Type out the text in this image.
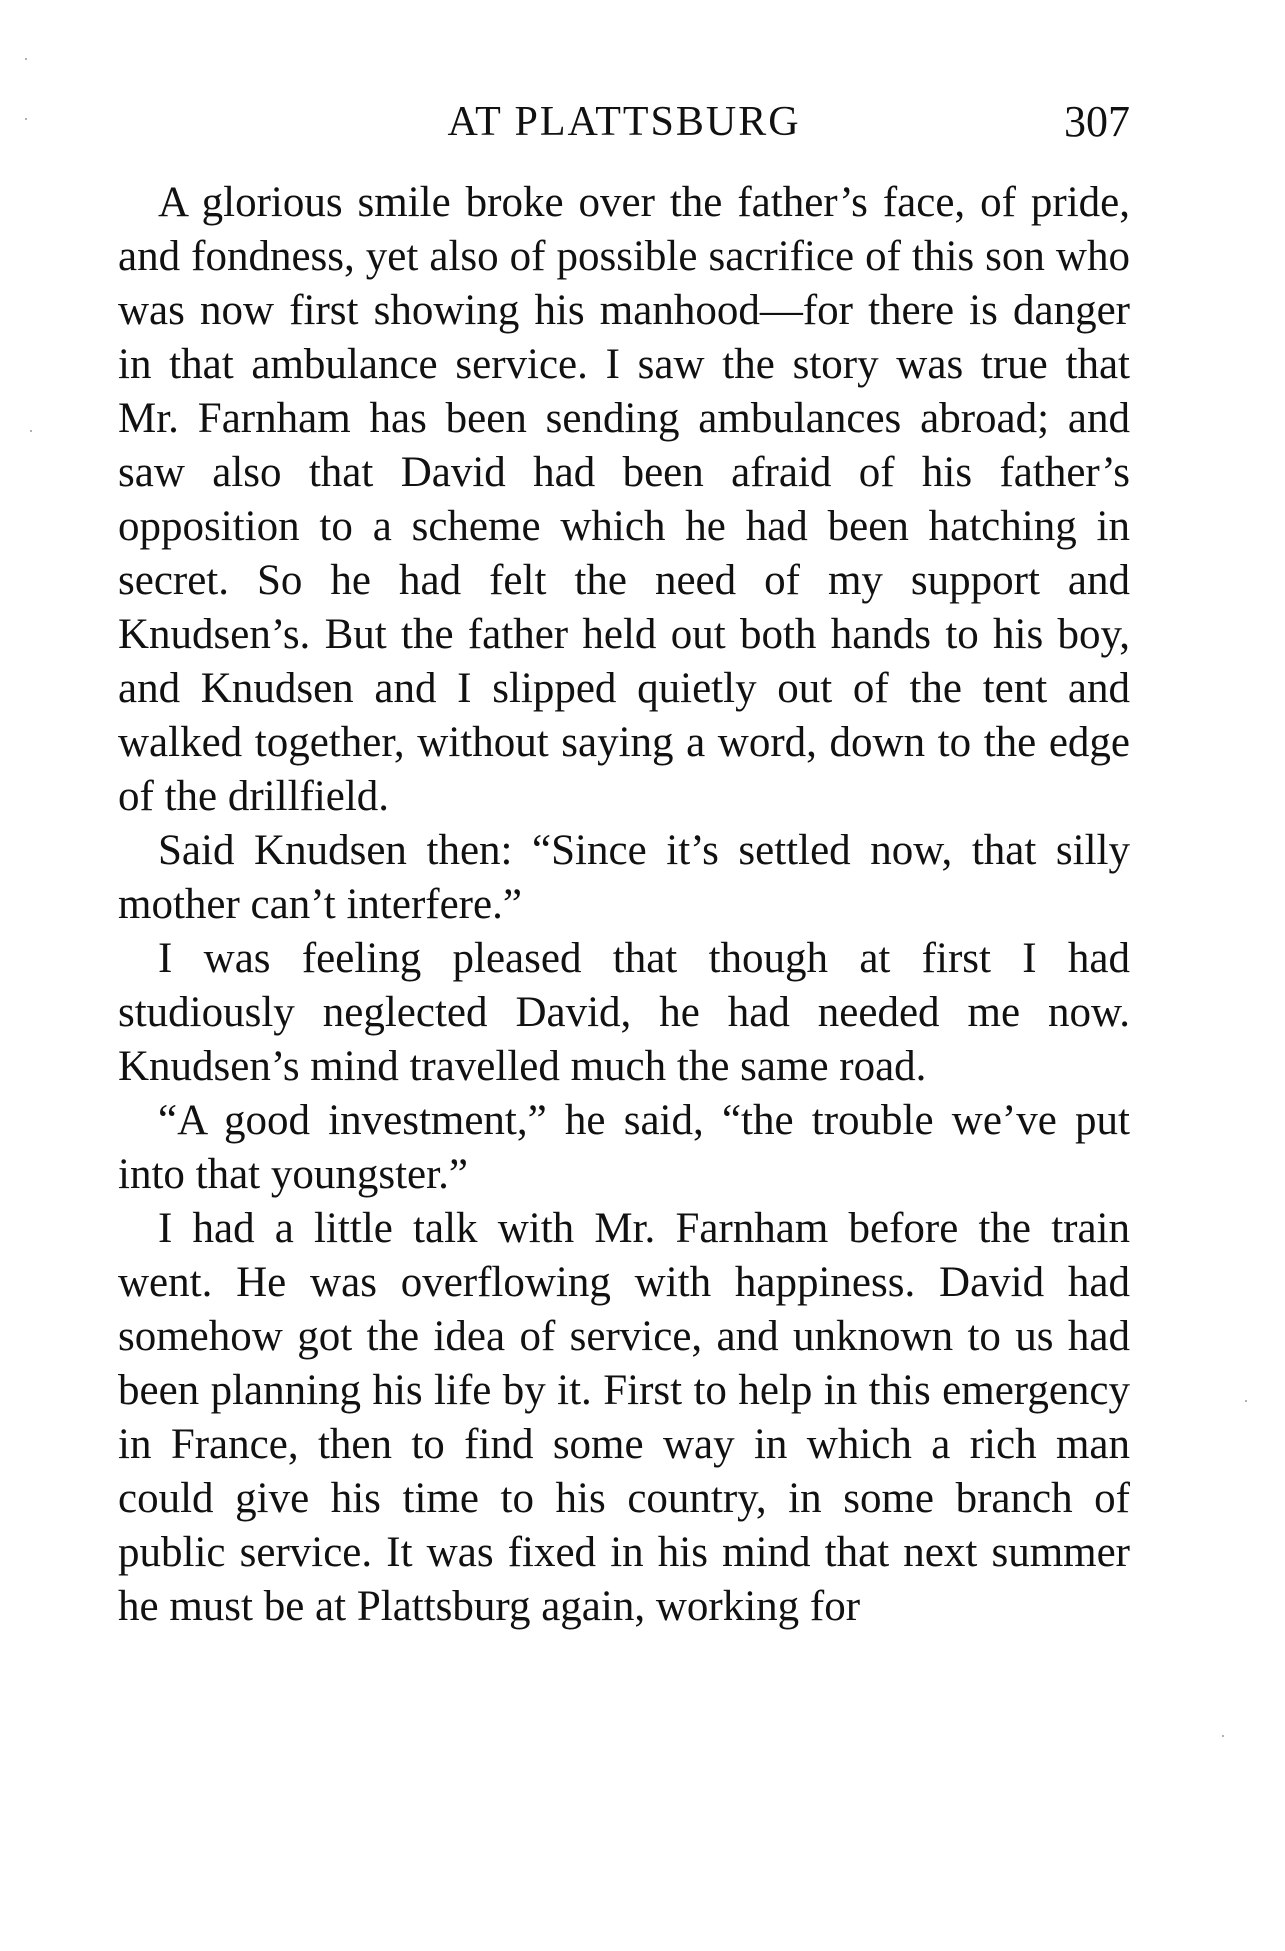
AT PLATTSBURG	307

A glorious smile broke over the father’s face, of pride, and fondness, yet also of possible sacrifice of this son who was now first showing his manhood—for there is danger in that ambulance service. I saw the story was true that Mr. Farnham has been sending ambulances abroad; and saw also that David had been afraid of his father’s opposition to a scheme which he had been hatching in secret. So he had felt the need of my support and Knudsen’s. But the father held out both hands to his boy, and Knudsen and I slipped quietly out of the tent and walked together, without saying a word, down to the edge of the drillfield.

Said Knudsen then: “Since it’s settled now, that silly mother can’t interfere.”

I was feeling pleased that though at first I had studiously neglected David, he had needed me now. Knudsen’s mind travelled much the same road.

“A good investment,” he said, “the trouble we’ve put into that youngster.”

I had a little talk with Mr. Farnham before the train went. He was overflowing with happiness. David had somehow got the idea of service, and unknown to us had been planning his life by it. First to help in this emergency in France, then to find some way in which a rich man could give his time to his country, in some branch of public service. It was fixed in his mind that next summer he must be at Plattsburg again, working for
